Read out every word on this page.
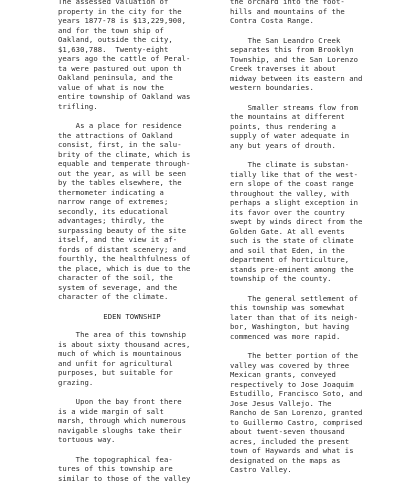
The assessed valuation of
property in the city for the
years 1877-78 is $13,229,900,
and for the town ship of
Oakland, outside the city,
$1,630,788.  Twenty-eight
years ago the cattle of Peral-
ta were pastured out upon th
Oakland peninsula, and the
value of what is now the
entire township of Oakland was
trifling.

As a place for residence
the attractions of Oakland
consist, first, in the salu-
brity of the climate, which is
equable and temperate through-
out the year, as will be seen
by the tables elsewhere, the
thermometer indicating a
narrow range of extremes;
secondly, its educational
advantages; thirdly, the
surpassing beauty of the site
itself, and the view it af-
fords of distant scenery; and
fourthly, the healthfulness of
the place, which is due to the
character of the soil, the
system of severage, and the
character of the climate.

EDEN TOWNSHIP

The area of this township
is about sixty thousand acres,
much of which is mountainous
and unfit for agricultural
purposes, but suitable for
grazing.

Upon the bay front there
is a wide margin of salt
marsh, through which numerous
navigable sloughs take their
tortuous way.

The topographical fea-
tures of this township are
similar to those of the valley

the orchard into the foot-
hills and mountains of the
Contra Costa Range.

The San Leandro Creek
separates this from Brooklyn
Township, and the San Lorenzo
Creek traverses it about
midway between its eastern and
western boundaries.

Smaller streams flow from
the mountains at different
points, thus rendering a
supply of water adequate in
any but years of drouth.

The climate is substan-
tially like that of the west-
ern slope of the coast range
throughout the valley, with
perhaps a slight exception in
its favor over the country
swept by winds direct from the
Golden Gate. At all events
such is the state of climate
and soil that Eden, in the
department of horticulture,
stands pre-eminent among the
township of the county.

The general settlement of
this township was somewhat
later than that of its neigh-
bor, Washington, but having
commenced was more rapid.

The better portion of the
valley was covered by three
Mexican grants, conveyed
respectively to Jose Joaquim
Estudillo, Francisco Soto, and
Jose Jesus Vallejo. The
Rancho de San Lorenzo, granted
to Guillermo Castro, comprised
about twent-seven thousand
acres, included the present
town of Haywards and what is
designated on the maps as
Castro Valley.
